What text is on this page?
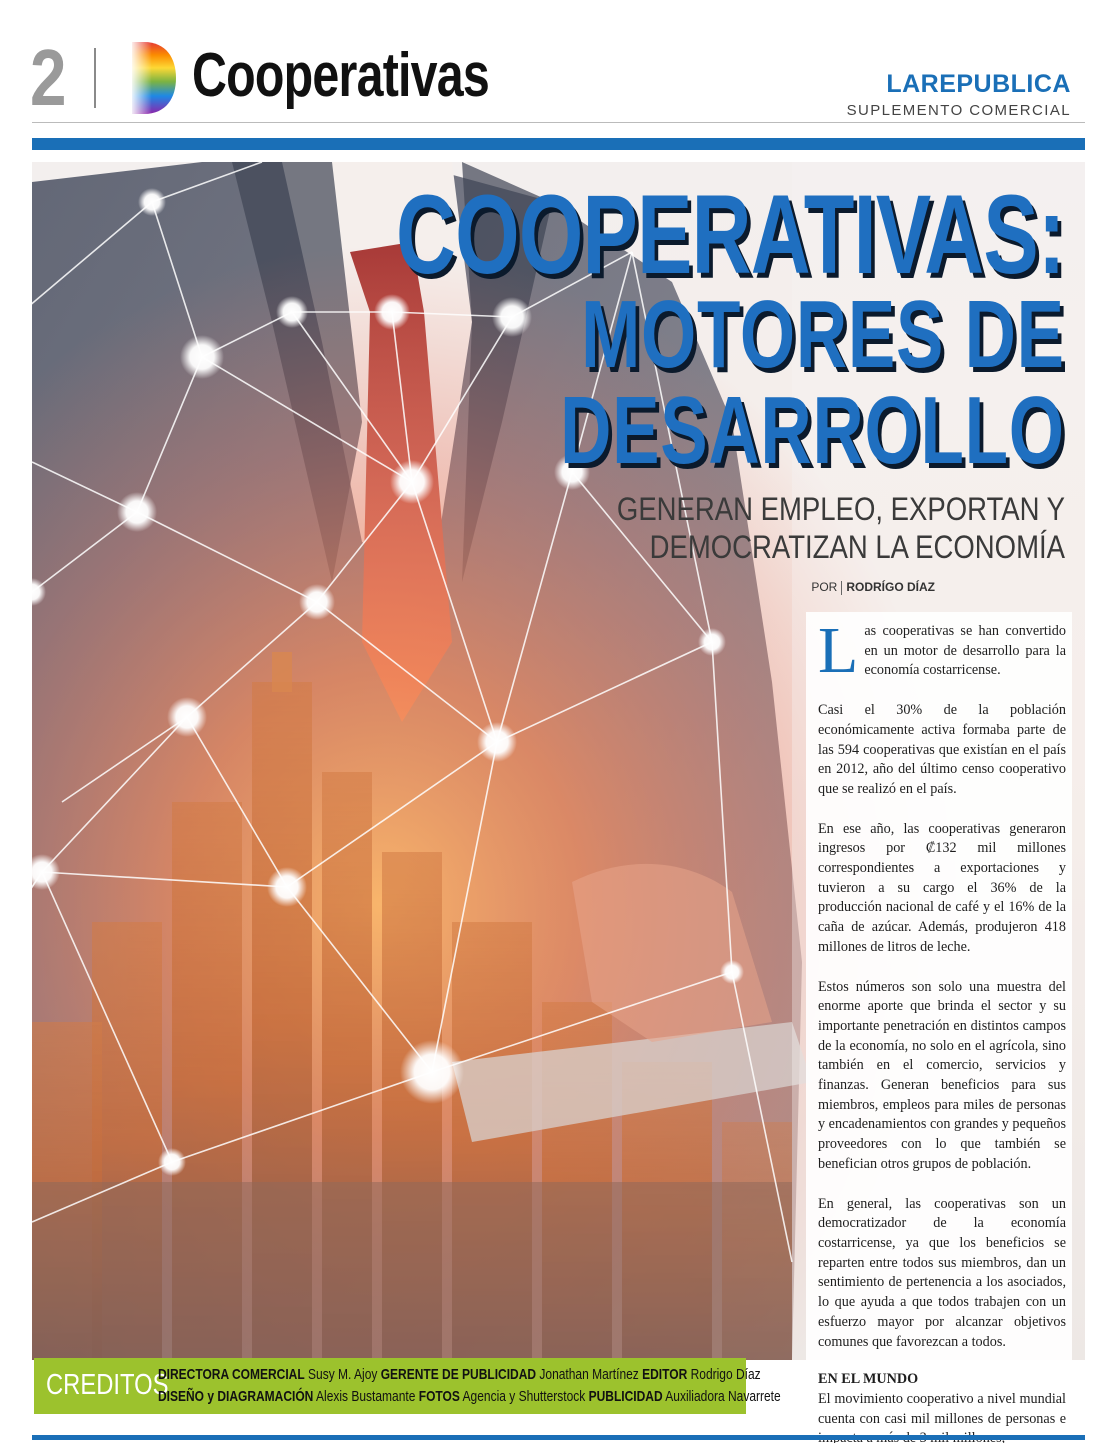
2 Cooperativas	LAREPUBLICA
SUPLEMENTO COMERCIAL
COOPERATIVAS:
MOTORES DE
DESARROLLO
GENERAN EMPLEO, EXPORTAN Y
DEMOCRATIZAN LA ECONOMÍA
POR RODRÍGO DÍAZ

Las cooperativas se han convertido en un motor de desarrollo para la economía costarricense.

Casi el 30% de la población económicamente activa formaba parte de las 594 cooperativas que existían en el país en 2012, año del último censo cooperativo que se realizó en el país.

En ese año, las cooperativas generaron ingresos por ₡132 mil millones correspondientes a exportaciones y tuvieron a su cargo el 36% de la producción nacional de café y el 16% de la caña de azúcar. Además, produjeron 418 millones de litros de leche.

Estos números son solo una muestra del enorme aporte que brinda el sector y su importante penetración en distintos campos de la economía, no solo en el agrícola, sino también en el comercio, servicios y finanzas. Generan beneficios para sus miembros, empleos para miles de personas y encadenamientos con grandes y pequeños proveedores con lo que también se benefician otros grupos de población.

En general, las cooperativas son un democratizador de la economía costarricense, ya que los beneficios se reparten entre todos sus miembros, dan un sentimiento de pertenencia a los asociados, lo que ayuda a que todos trabajen con un esfuerzo mayor por alcanzar objetivos comunes que favorezcan a todos.

EN EL MUNDO

El movimiento cooperativo a nivel mundial cuenta con casi mil millones de personas e

CREDITOS
DIRECTORA COMERCIAL Susy M. Ajoy GERENTE DE PUBLICIDAD Jonathan Martínez EDITOR Rodrigo Díaz
DISEÑO y DIAGRAMACIÓN Alexis Bustamante FOTOS Agencia y Shutterstock PUBLICIDAD Auxiliadora Navarrete
